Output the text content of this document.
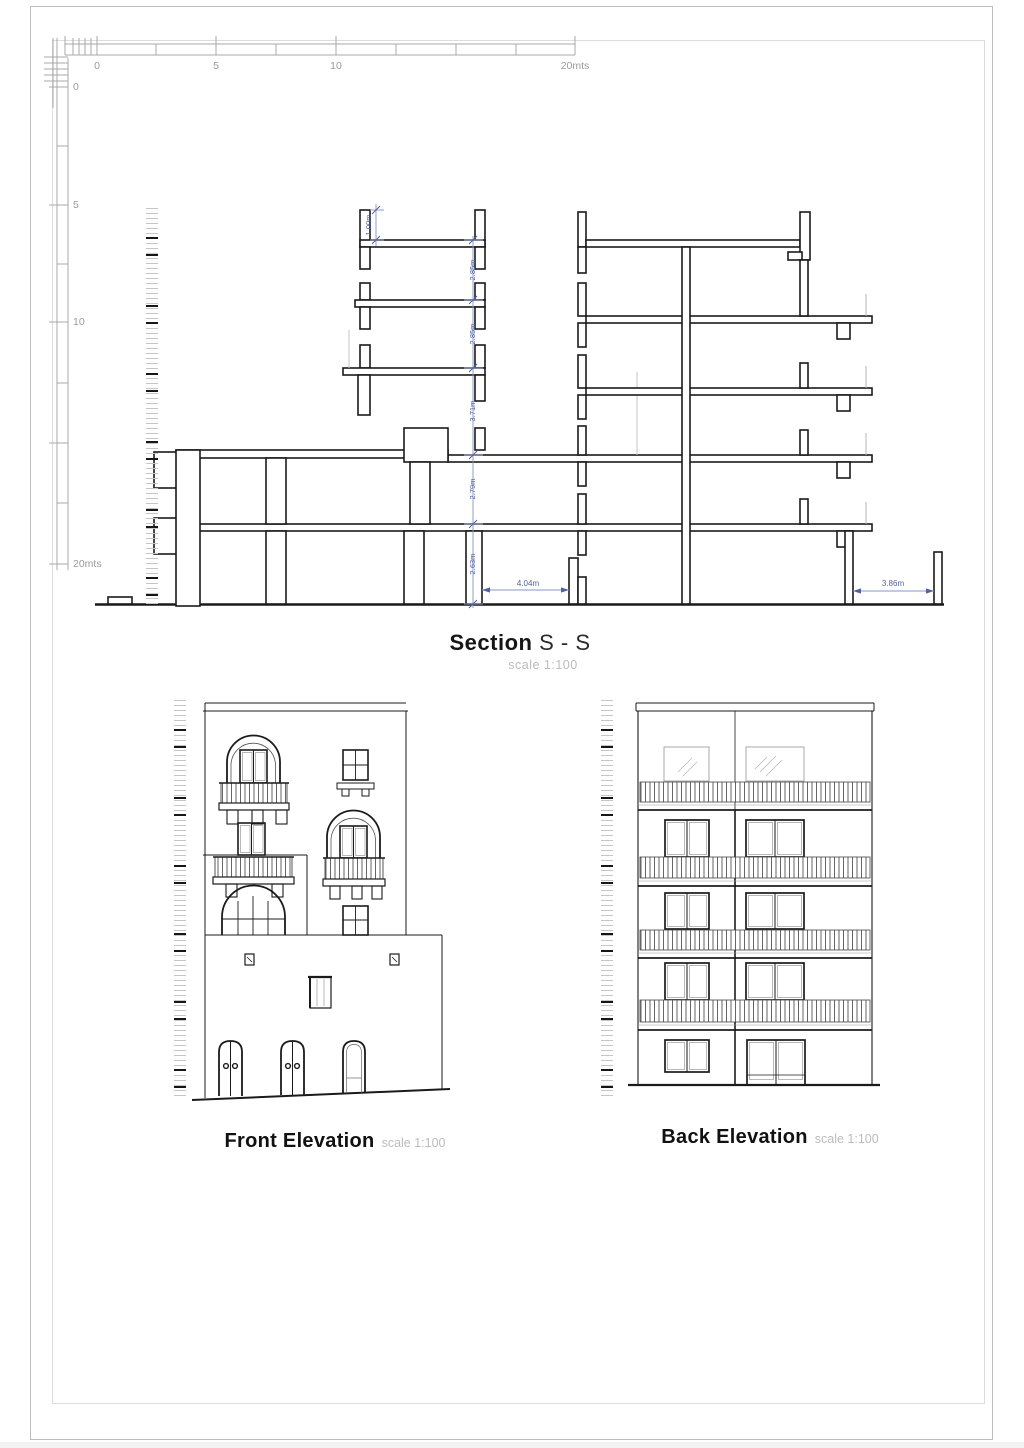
0	5	10	20mts
0
5
10
20mts
1.00m
2.85m
2.85m
3.71m
2.79m
2.63m
4.04m	3.86m
Section S - S
scale 1:100
Front Elevation scale 1:100	Back Elevation scale 1:100
